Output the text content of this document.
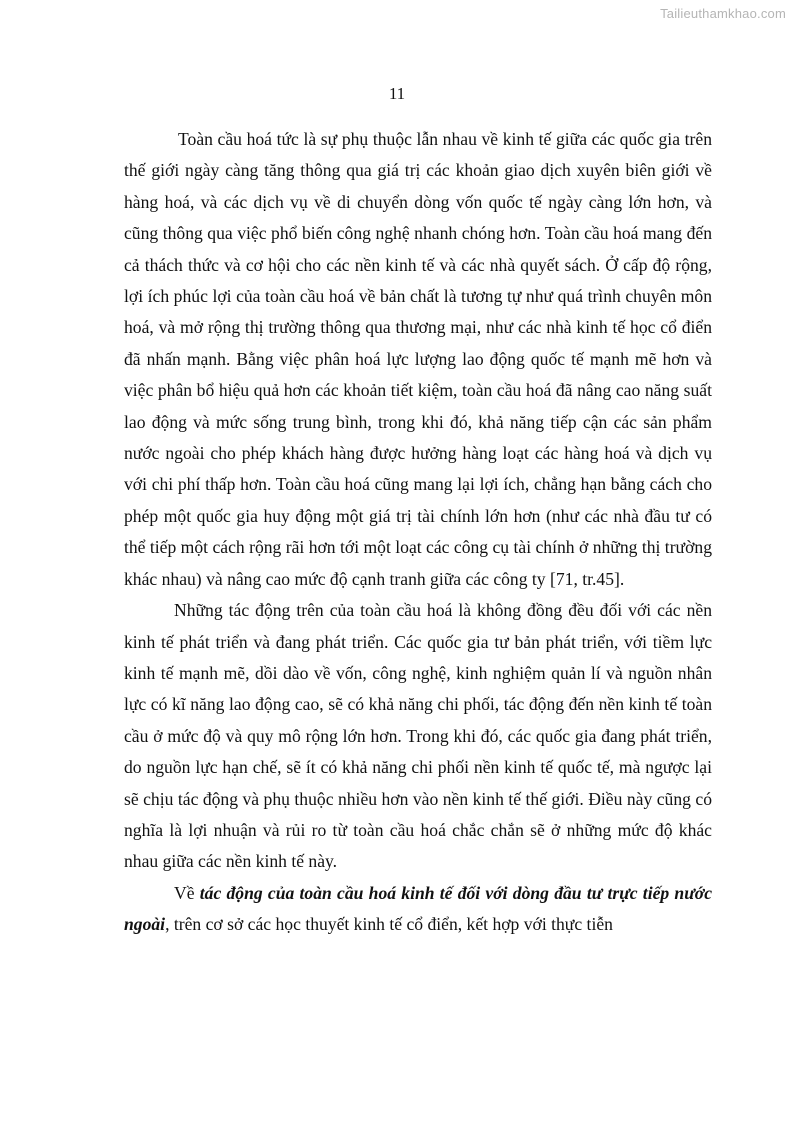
Tailieuthamkhao.com
11

Toàn cầu hoá tức là sự phụ thuộc lẫn nhau về kinh tế giữa các quốc gia trên thế giới ngày càng tăng thông qua giá trị các khoản giao dịch xuyên biên giới về hàng hoá, và các dịch vụ về di chuyển dòng vốn quốc tế ngày càng lớn hơn, và cũng thông qua việc phổ biến công nghệ nhanh chóng hơn. Toàn cầu hoá mang đến cả thách thức và cơ hội cho các nền kinh tế và các nhà quyết sách. Ở cấp độ rộng, lợi ích phúc lợi của toàn cầu hoá về bản chất là tương tự như quá trình chuyên môn hoá, và mở rộng thị trường thông qua thương mại, như các nhà kinh tế học cổ điển đã nhấn mạnh. Bằng việc phân hoá lực lượng lao động quốc tế mạnh mẽ hơn và việc phân bổ hiệu quả hơn các khoản tiết kiệm, toàn cầu hoá đã nâng cao năng suất lao động và mức sống trung bình, trong khi đó, khả năng tiếp cận các sản phẩm nước ngoài cho phép khách hàng được hưởng hàng loạt các hàng hoá và dịch vụ với chi phí thấp hơn. Toàn cầu hoá cũng mang lại lợi ích, chẳng hạn bằng cách cho phép một quốc gia huy động một giá trị tài chính lớn hơn (như các nhà đầu tư có thể tiếp một cách rộng rãi hơn tới một loạt các công cụ tài chính ở những thị trường khác nhau) và nâng cao mức độ cạnh tranh giữa các công ty [71, tr.45].

Những tác động trên của toàn cầu hoá là không đồng đều đối với các nền kinh tế phát triển và đang phát triển. Các quốc gia tư bản phát triển, với tiềm lực kinh tế mạnh mẽ, dồi dào về vốn, công nghệ, kinh nghiệm quản lí và nguồn nhân lực có kĩ năng lao động cao, sẽ có khả năng chi phối, tác động đến nền kinh tế toàn cầu ở mức độ và quy mô rộng lớn hơn. Trong khi đó, các quốc gia đang phát triển, do nguồn lực hạn chế, sẽ ít có khả năng chi phối nền kinh tế quốc tế, mà ngược lại sẽ chịu tác động và phụ thuộc nhiều hơn vào nền kinh tế thế giới. Điều này cũng có nghĩa là lợi nhuận và rủi ro từ toàn cầu hoá chắc chắn sẽ ở những mức độ khác nhau giữa các nền kinh tế này.

Về tác động của toàn cầu hoá kinh tế đối với dòng đầu tư trực tiếp nước ngoài, trên cơ sở các học thuyết kinh tế cổ điển, kết hợp với thực tiễn
